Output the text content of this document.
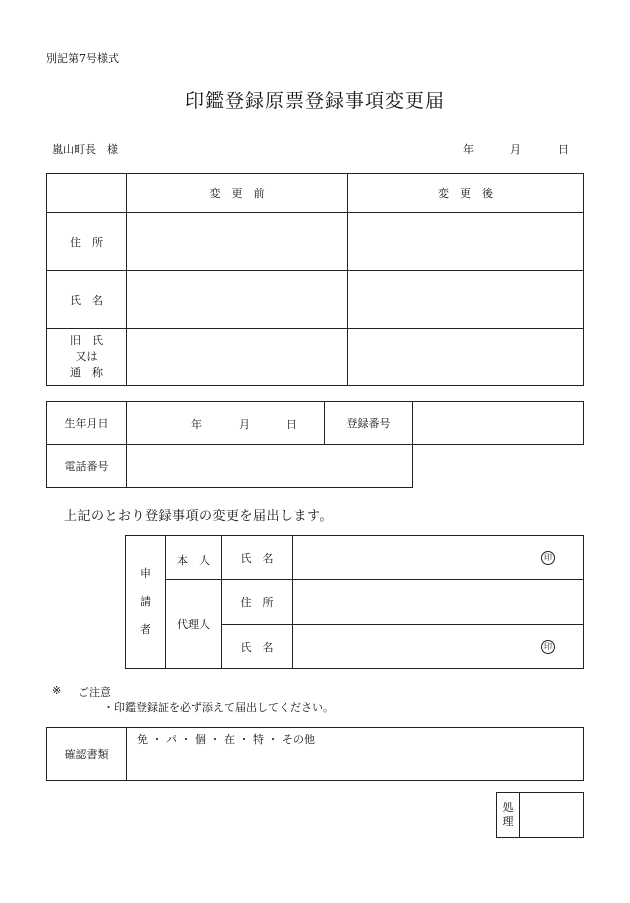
別記第7号様式
印鑑登録原票登録事項変更届
嵐山町長　様	年	月	日
	変　更　前	変　更　後
住　所		
氏　名		

旧　氏
又は
通　称		

生年月日	年 月 日	登録番号	
電話番号			
上記のとおり登録事項の変更を届出します。
申
請
者	本　人	氏　名	印
	代理人	住　所	
		氏　名	印
※ ご注意
・印鑑登録証を必ず添えて届出してください。
確認書類	免 ・ パ ・ 個 ・ 在 ・ 特 ・ その他
処
理
